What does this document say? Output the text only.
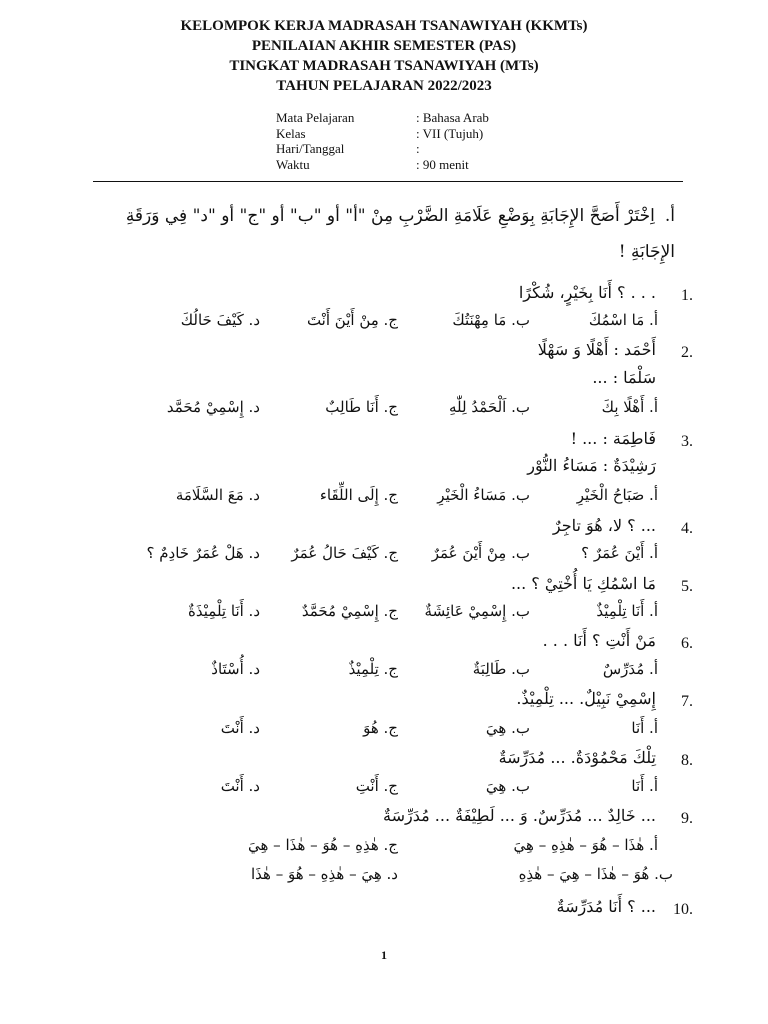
KELOMPOK KERJA MADRASAH TSANAWIYAH (KKMTs)
PENILAIAN AKHIR SEMESTER (PAS)
TINGKAT MADRASAH TSANAWIYAH (MTs)
TAHUN PELAJARAN 2022/2023
Mata Pelajaran	: Bahasa Arab
Kelas	: VII (Tujuh)
Hari/Tanggal	:
Waktu	: 90 menit
أ.اِخْتَرْ أَصَحَّ الإِجَابَةِ بِوَضْعِ عَلَامَةِ الضَّرْبِ مِنْ "أ" أو "ب" أو "ج" أو "د" فِي وَرَقَةِ
الإِجَابَةِ !
1.
. . . ؟ أَنَا بِخَيْرٍ، شُكْرًا
أ. مَا اسْمُكَ
ب. مَا مِهْنَتُكَ
ج. مِنْ أَيْنَ أَنْتَ
د. كَيْفَ حَالُكَ
2.
أَحْمَد : أَهْلًا وَ سَهْلًا
سَلْمَا : ...
أ. أَهْلًا بِكَ
ب. اَلْحَمْدُ لِلّٰهِ
ج. أَنَا طَالِبٌ
د. إِسْمِيْ مُحَمَّد
3.
فَاطِمَة : ... !
رَشِيْدَةٌ : مَسَاءُ النُّوْر
أ. صَبَاحُ الْخَيْرِ
ب. مَسَاءُ الْخَيْرِ
ج. إِلَى اللِّقَاء
د. مَعَ السَّلَامَة
4.
... ؟ لا، هُوَ تاجِرٌ
أ. أَيْنَ عُمَرٌ ؟
ب. مِنْ أَيْنَ عُمَرٌ
ج. كَيْفَ حَالُ عُمَرٌ
د. هَلْ عُمَرٌ خَادِمٌ ؟
5.
مَا اسْمُكِ يَا أُخْتِيْ ؟ ...
أ. أَنَا تِلْمِيْذٌ
ب. إِسْمِيْ عَائِشَةٌ
ج. إِسْمِيْ مُحَمَّدٌ
د. أَنَا تِلْمِيْذَةٌ
6.
مَنْ أَنْتِ ؟ أَنَا . . .
أ. مُدَرِّسٌ
ب. طَالِبَةٌ
ج. تِلْمِيْذٌ
د. أُسْتَاذٌ
7.
إِسْمِيْ نَبِيْلٌ. ... تِلْمِيْذٌ.
أ. أَنَا
ب. هِيَ
ج. هُوَ
د. أَنْتَ
8.
تِلْكَ مَحْمُوْدَةٌ. ... مُدَرِّسَةٌ
أ. أَنَا
ب. هِيَ
ج. أَنْتِ
د. أَنْتَ
9.
... خَالِدٌ ... مُدَرِّسٌ. وَ ... لَطِيْفَةٌ ... مُدَرِّسَةٌ
أ. هٰذَا – هُوَ – هٰذِهِ – هِيَ
ج. هٰذِهِ – هُوَ – هٰذَا – هِيَ
ب. هُوَ – هٰذَا – هِيَ – هٰذِهِ
د. هِيَ – هٰذِهِ – هُوَ – هٰذَا
10.
... ؟ أَنَا مُدَرِّسَةٌ
1
